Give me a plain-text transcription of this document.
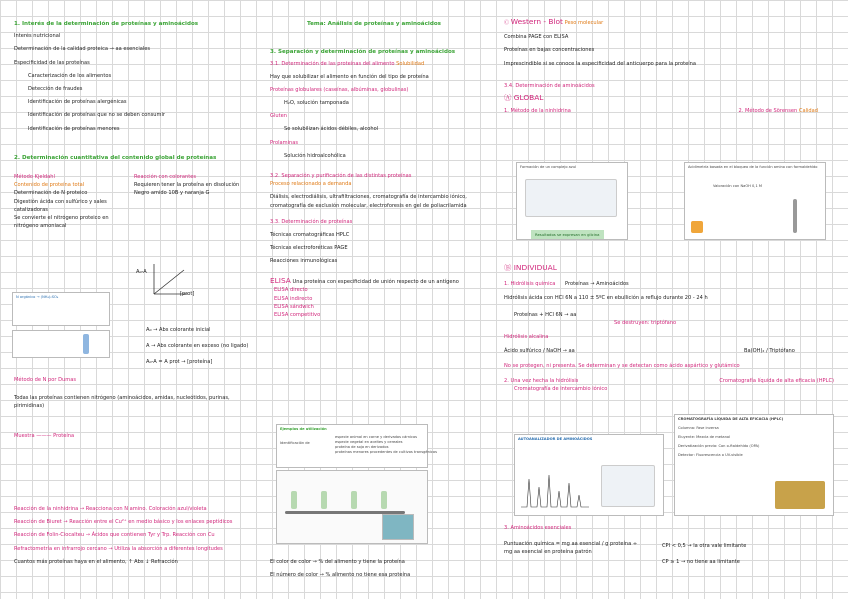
1. Interés de la determinación de proteínas y aminoácidos
Interés nutricional
Determinación de la calidad proteica → aa esenciales
Especificidad de las proteínas
Caracterización de los alimentos
Detección de fraudes
Identificación de proteínas alergénicas
Identificación de proteínas que no se deben consumir
Identificación de proteínas menores
2. Determinación cuantitativa del contenido global de proteínas
Método Kjeldahl
Contenido de proteína total
Determinación de N proteico
Digestión ácida con sulfúrico y sales catalizadoras
Se convierte el nitrógeno proteico en nitrógeno amoniacal
N orgánico → (NH₄)₂SO₄
Reacción con colorantes
Requieren tener la proteína en disolución
Negro amido 10B y naranja G
A₀-A
[prot]
A₀ → Abs colorante inicial
A → Abs colorante en exceso (no ligado)
A₀-A = A prot → [proteína]
Método de N por Dumas
Todas las proteínas contienen nitrógeno (aminoácidos, amidas, nucleótidos, purinas, pirimidinas)
Muestra ——— Proteína
Reacción de la ninhidrina → Reacciona con N amino. Coloración azul/violeta
Reacción de Biuret → Reacción entre el Cu²⁺ en medio básico y los enlaces peptídicos
Reacción de Folin-Ciocalteu → Ácidos que contienen Tyr y Trp. Reacción con Cu
Refractometría en infrarrojo cercano → Utiliza la absorción a diferentes longitudes
Cuantos más proteínas haya en el alimento, ↑ Abs ↓ Refracción
Tema: Análisis de proteínas y aminoácidos
3. Separación y determinación de proteínas y aminoácidos
3.1. Determinación de las proteínas del alimento Solubilidad
Hay que solubilizar el alimento en función del tipo de proteína
Proteínas globulares (caseínas, albúminas, globulinas)
H₂O, solución tamponada
Gluten
Se solubilizan ácidos débiles, alcohol
Prolaminas
Solución hidroalcohólica
3.2. Separación y purificación de las distintas proteínas
Proceso relacionado a demanda
Diálisis, electrodiálisis, ultrafiltraciones, cromatografía de intercambio iónico, cromatografía de exclusión molecular, electroforesis en gel de poliacrilamida
3.3. Determinación de proteínas
Técnicas cromatográficas HPLC
Técnicas electroforéticas PAGE
Reacciones inmunológicas
ELISA Una proteína con especificidad de unión respecto de un antígeno
ELISA directo
ELISA indirecto
ELISA sándwich
ELISA competitivo
Ejemplos de utilización
Identificación de
especie animal en carne y derivados cárnicos
especie vegetal en aceites y cereales
proteína de soja en derivados
proteínas menores procedentes de cultivos transgénicos
El color de color → % del alimento y tiene la proteína
El número de color → % alimento no tiene esa proteína
Ⓒ Western - Blot Peso molecular
Combina PAGE con ELISA
Proteínas en bajas concentraciones
Imprescindible si se conoce la especificidad del anticuerpo para la proteína
3.4. Determinación de aminoácidos
Ⓐ GLOBAL
1. Método de la ninhidrina	2. Método de Sörensen Calidad
Formación de un complejo azul
Resultados se expresan en glicina
Acidimetría basada en el bloqueo de la función amino con formaldehído
Valoración con NaOH 0,1 M
Ⓑ INDIVIDUAL
1. Hidrólisis química Proteínas → Aminoácidos
Hidrólisis ácida con HCl 6N a 110 ± 5ºC en ebullición a reflujo durante 20 - 24 h
Proteínas + HCl 6N → aa
Se destruyen: triptófano
Hidrólisis alcalina
Ácido sulfúrico / NaOH → aa	Ba(OH)₂ / Triptófano
No se protegen, ni presenta. Se determinan y se detectan como ácido aspártico y glutámico
2. Una vez hecha la hidrólisis	Cromatografía líquida de alta eficacia (HPLC)
Cromatografía de intercambio iónico
AUTOANALIZADOR DE AMINOÁCIDOS
CROMATOGRAFÍA LÍQUIDA DE ALTA EFICACIA (HPLC)
Columna: Fase inversa
Eluyente: Mezcla de metanol
Derivatización previa: Con o-ftaldehído (OPA)
Detector: Fluorescencia o UV-visible
3. Aminoácidos esenciales
Puntuación química = mg aa esencial / g proteína ÷ mg aa esencial en proteína patrón
CPI < 0,5 → la otra vale limitante
CP ≥ 1 → no tiene aa limitante
